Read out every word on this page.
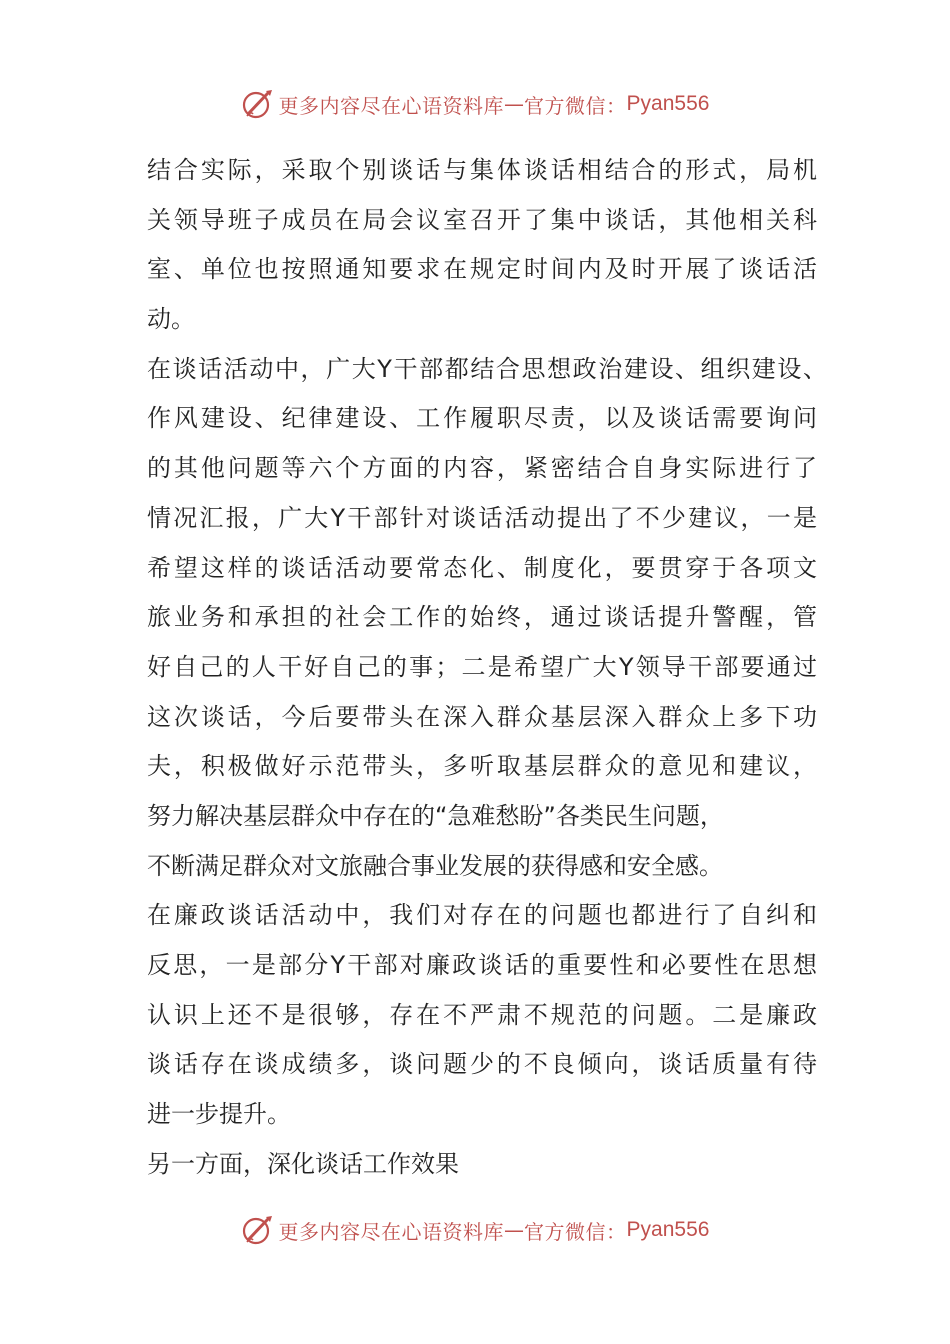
更多内容尽在心语资料库 — 官方微信： Pyan556
结合实际，采取个别谈话与集体谈话相结合的形式，局机
关领导班子成员在局会议室召开了集中谈话，其他相关科
室、单位也按照通知要求在规定时间内及时开展了谈话活
动。
在谈话活动中，广大Y干部都结合思想政治建设、组织建设、
作风建设、纪律建设、工作履职尽责，以及谈话需要询问
的其他问题等六个方面的内容，紧密结合自身实际进行了
情况汇报，广大Y干部针对谈话活动提出了不少建议，一是
希望这样的谈话活动要常态化、制度化，要贯穿于各项文
旅业务和承担的社会工作的始终，通过谈话提升警醒，管
好自己的人干好自己的事；二是希望广大Y领导干部要通过
这次谈话，今后要带头在深入群众基层深入群众上多下功
夫，积极做好示范带头，多听取基层群众的意见和建议，
努力解决基层群众中存在的“急难愁盼”各类民生问题，
不断满足群众对文旅融合事业发展的获得感和安全感。
在廉政谈话活动中，我们对存在的问题也都进行了自纠和
反思，一是部分Y干部对廉政谈话的重要性和必要性在思想
认识上还不是很够，存在不严肃不规范的问题。二是廉政
谈话存在谈成绩多，谈问题少的不良倾向，谈话质量有待
进一步提升。
另一方面，深化谈话工作效果
更多内容尽在心语资料库 — 官方微信： Pyan556
